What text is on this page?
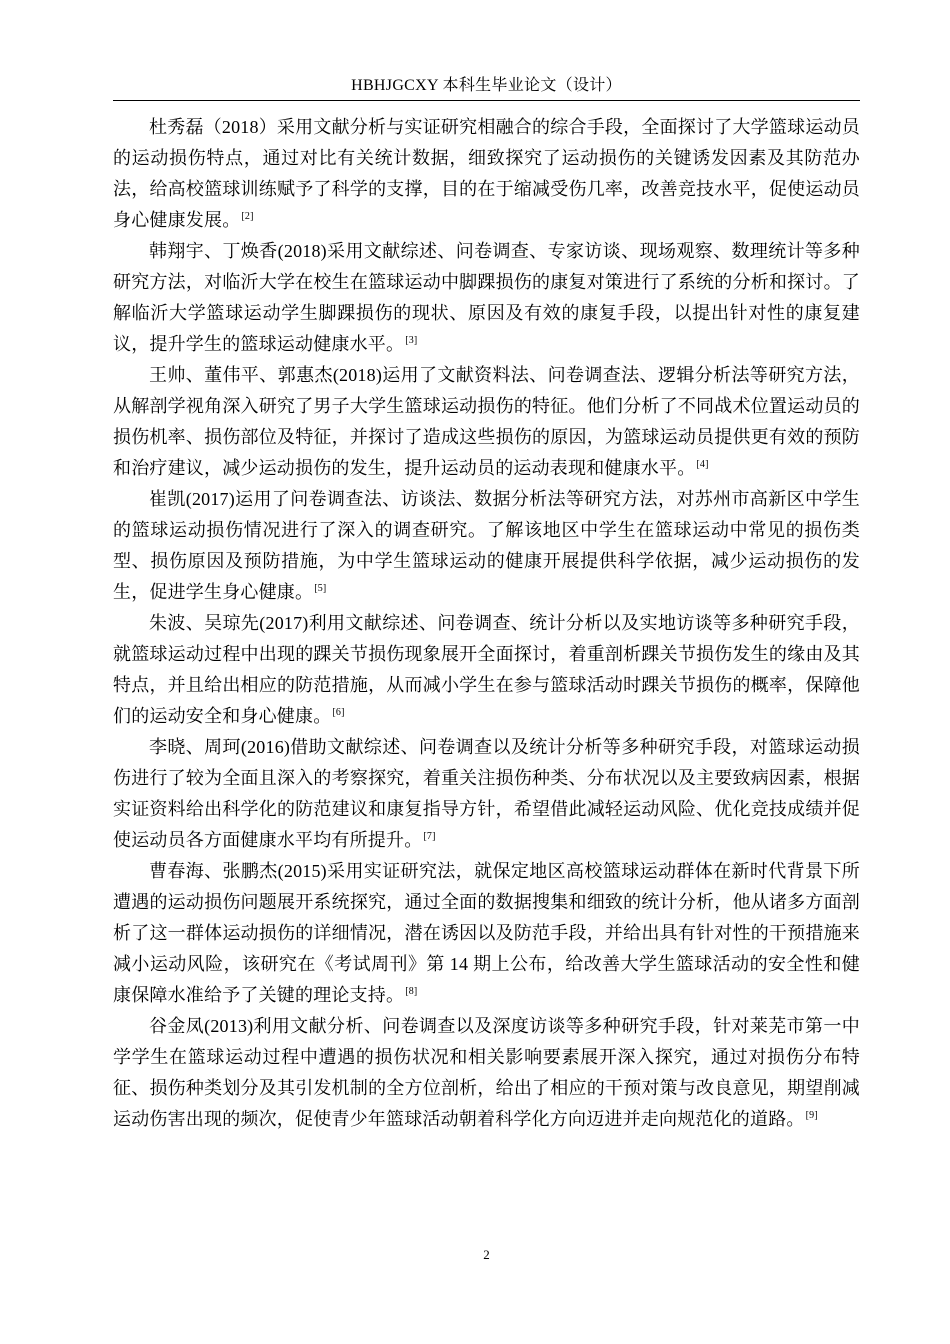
HBHJGCXY 本科生毕业论文（设计）

杜秀磊（2018）采用文献分析与实证研究相融合的综合手段，全面探讨了大学篮球运动员的运动损伤特点，通过对比有关统计数据，细致探究了运动损伤的关键诱发因素及其防范办法，给高校篮球训练赋予了科学的支撑，目的在于缩减受伤几率，改善竞技水平，促使运动员身心健康发展。[2]

韩翔宇、丁焕香(2018)采用文献综述、问卷调查、专家访谈、现场观察、数理统计等多种研究方法，对临沂大学在校生在篮球运动中脚踝损伤的康复对策进行了系统的分析和探讨。了解临沂大学篮球运动学生脚踝损伤的现状、原因及有效的康复手段，以提出针对性的康复建议，提升学生的篮球运动健康水平。[3]

王帅、董伟平、郭惠杰(2018)运用了文献资料法、问卷调查法、逻辑分析法等研究方法，从解剖学视角深入研究了男子大学生篮球运动损伤的特征。他们分析了不同战术位置运动员的损伤机率、损伤部位及特征，并探讨了造成这些损伤的原因，为篮球运动员提供更有效的预防和治疗建议，减少运动损伤的发生，提升运动员的运动表现和健康水平。[4]

崔凯(2017)运用了问卷调查法、访谈法、数据分析法等研究方法，对苏州市高新区中学生的篮球运动损伤情况进行了深入的调查研究。了解该地区中学生在篮球运动中常见的损伤类型、损伤原因及预防措施，为中学生篮球运动的健康开展提供科学依据，减少运动损伤的发生，促进学生身心健康。[5]

朱波、吴琼先(2017)利用文献综述、问卷调查、统计分析以及实地访谈等多种研究手段，就篮球运动过程中出现的踝关节损伤现象展开全面探讨，着重剖析踝关节损伤发生的缘由及其特点，并且给出相应的防范措施，从而减小学生在参与篮球活动时踝关节损伤的概率，保障他们的运动安全和身心健康。[6]

李晓、周珂(2016)借助文献综述、问卷调查以及统计分析等多种研究手段，对篮球运动损伤进行了较为全面且深入的考察探究，着重关注损伤种类、分布状况以及主要致病因素，根据实证资料给出科学化的防范建议和康复指导方针，希望借此减轻运动风险、优化竞技成绩并促使运动员各方面健康水平均有所提升。[7]

曹春海、张鹏杰(2015)采用实证研究法，就保定地区高校篮球运动群体在新时代背景下所遭遇的运动损伤问题展开系统探究，通过全面的数据搜集和细致的统计分析，他从诸多方面剖析了这一群体运动损伤的详细情况，潜在诱因以及防范手段，并给出具有针对性的干预措施来减小运动风险，该研究在《考试周刊》第 14 期上公布，给改善大学生篮球活动的安全性和健康保障水准给予了关键的理论支持。[8]

谷金凤(2013)利用文献分析、问卷调查以及深度访谈等多种研究手段，针对莱芜市第一中学学生在篮球运动过程中遭遇的损伤状况和相关影响要素展开深入探究，通过对损伤分布特征、损伤种类划分及其引发机制的全方位剖析，给出了相应的干预对策与改良意见，期望削减运动伤害出现的频次，促使青少年篮球活动朝着科学化方向迈进并走向规范化的道路。[9]

2
